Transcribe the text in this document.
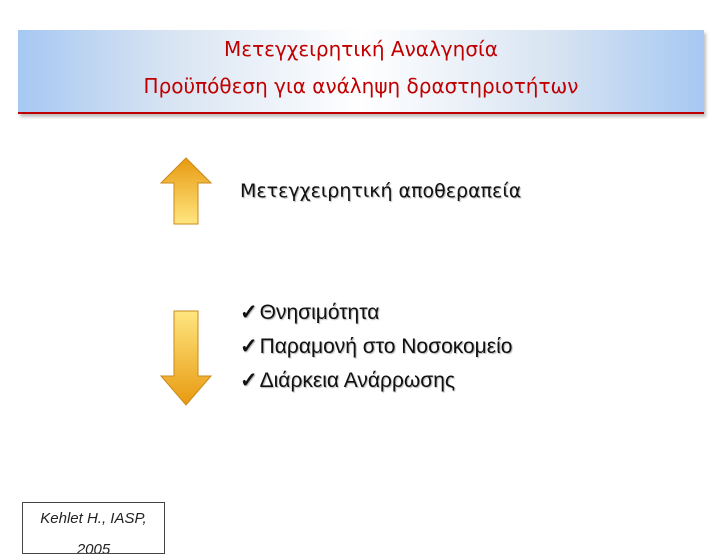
Μετεγχειρητική Αναλγησία
Προϋπόθεση για ανάληψη δραστηριοτήτων
Μετεγχειρητική αποθεραπεία
✓Θνησιμότητα
✓Παραμονή στο Νοσοκομείο
✓Διάρκεια Ανάρρωσης
Kehlet H., IASP,
2005
